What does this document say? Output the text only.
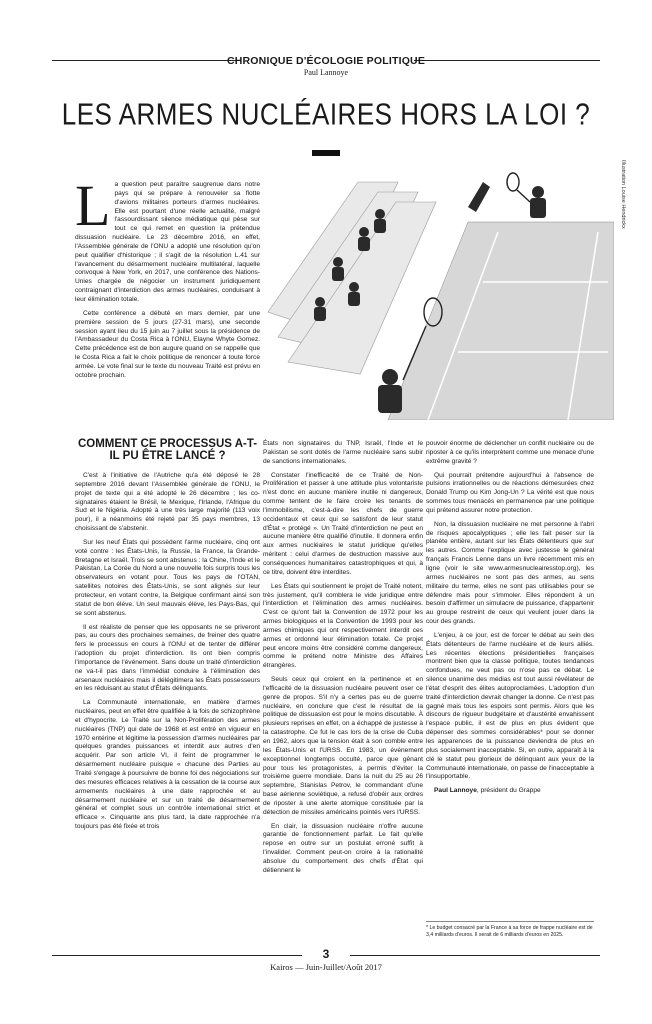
CHRONIQUE D'ÉCOLOGIE POLITIQUE
Paul Lannoye
LES ARMES NUCLÉAIRES HORS LA LOI ?
Illustration Louise Hendrickx

La question peut paraître saugrenue dans notre pays qui se prépare à renouveler sa flotte d'avions militaires porteurs d'armes nucléaires. Elle est pourtant d'une réelle actualité, malgré l'assourdissant silence médiatique qui pèse sur tout ce qui remet en question la prétendue dissuasion nucléaire. Le 23 décembre 2016, en effet, l'Assemblée générale de l'ONU a adopté une résolution qu'on peut qualifier d'historique ; il s'agit de la résolution L.41 sur l'avancement du désarmement nucléaire multilatéral, laquelle convoque à New York, en 2017, une conférence des Nations-Unies chargée de négocier un instrument juridiquement contraignant d'interdiction des armes nucléaires, conduisant à leur élimination totale.

Cette conférence a débuté en mars dernier, par une première session de 5 jours (27-31 mars), une seconde session ayant lieu du 15 juin au 7 juillet sous la présidence de l'Ambassadeur du Costa Rica à l'ONU, Elayne Whyte Gomez. Cette précédence est de bon augure quand on se rappelle que le Costa Rica a fait le choix politique de renoncer à toute force armée. Le vote final sur le texte du nouveau Traité est prévu en octobre prochain.

COMMENT CE PROCESSUS A-T-IL PU ÊTRE LANCÉ ?

C'est à l'initiative de l'Autriche qu'a été déposé le 28 septembre 2016 devant l'Assemblée générale de l'ONU, le projet de texte qui a été adopté le 26 décembre ; les co-signataires étaient le Brésil, le Mexique, l'Irlande, l'Afrique du Sud et le Nigéria. Adopté à une très large majorité (113 voix pour), il a néanmoins été rejeté par 35 pays membres, 13 choisissant de s'abstenir.

Sur les neuf États qui possèdent l'arme nucléaire, cinq ont voté contre : les États-Unis, la Russie, la France, la Grande-Bretagne et Israël. Trois se sont abstenus : la Chine, l'Inde et le Pakistan. La Corée du Nord a une nouvelle fois surpris tous les observateurs en votant pour. Tous les pays de l'OTAN, satellites notoires des États-Unis, se sont alignés sur leur protecteur, en votant contre, la Belgique confirmant ainsi son statut de bon élève. Un seul mauvais élève, les Pays-Bas, qui se sont abstenus.

Il est réaliste de penser que les opposants ne se priveront pas, au cours des prochaines semaines, de freiner des quatre fers le processus en cours à l'ONU et de tenter de différer l'adoption du projet d'interdiction. Ils ont bien compris l'importance de l'événement. Sans doute un traité d'interdiction ne va-t-il pas dans l'immédiat conduire à l'élimination des arsenaux nucléaires mais il délégitimera les États possesseurs en les réduisant au statut d'États délinquants.

La Communauté internationale, en matière d'armes nucléaires, peut en effet être qualifiée à la fois de schizophrène et d'hypocrite. Le Traité sur la Non-Prolifération des armes nucléaires (TNP) qui date de 1968 et est entré en vigueur en 1970 entérine et légitime la possession d'armes nucléaires par quelques grandes puissances et interdit aux autres d'en acquérir. Par son article VI, il feint de programmer le désarmement nucléaire puisque « chacune des Parties au Traité s'engage à poursuivre de bonne foi des négociations sur des mesures efficaces relatives à la cessation de la course aux armements nucléaires à une date rapprochée et au désarmement nucléaire et sur un traité de désarmement général et complet sous un contrôle international strict et efficace ». Cinquante ans plus tard, la date rapprochée n'a toujours pas été fixée et trois

États non signataires du TNP, Israël, l'Inde et le Pakistan se sont dotés de l'arme nucléaire sans subir de sanctions internationales.

Constater l'inefficacité de ce Traité de Non-Prolifération et passer à une attitude plus volontariste n'est donc en aucune manière inutile ni dangereux, comme tentent de le faire croire les tenants de l'immobilisme, c'est-à-dire les chefs de guerre occidentaux et ceux qui se satisfont de leur statut d'État « protégé ». Un Traité d'interdiction ne peut en aucune manière être qualifié d'inutile. Il donnera enfin aux armes nucléaires le statut juridique qu'elles méritent : celui d'armes de destruction massive aux conséquences humanitaires catastrophiques et qui, à ce titre, doivent être interdites.

Les États qui soutiennent le projet de Traité notent, très justement, qu'il comblera le vide juridique entre l'interdiction et l'élimination des armes nucléaires. C'est ce qu'ont fait la Convention de 1972 pour les armes biologiques et la Convention de 1993 pour les armes chimiques qui ont respectivement interdit ces armes et ordonné leur élimination totale. Ce projet peut encore moins être considéré comme dangereux, comme le prétend notre Ministre des Affaires étrangères.

Seuls ceux qui croient en la pertinence et en l'efficacité de la dissuasion nucléaire peuvent oser ce genre de propos. S'il n'y a certes pas eu de guerre nucléaire, en conclure que c'est le résultat de la politique de dissuasion est pour le moins discutable. À plusieurs reprises en effet, on a échappé de justesse à la catastrophe. Ce fut le cas lors de la crise de Cuba en 1962, alors que la tension était à son comble entre les États-Unis et l'URSS. En 1983, un événement exceptionnel longtemps occulté, parce que gênant pour tous les protagonistes, a permis d'éviter la troisième guerre mondiale. Dans la nuit du 25 au 26 septembre, Stanislas Petrov, le commandant d'une base aérienne soviétique, a refusé d'obéir aux ordres de riposter à une alerte atomique constituée par la détection de missiles américains pointés vers l'URSS.

En clair, la dissuasion nucléaire n'offre aucune garantie de fonctionnement parfait. Le fait qu'elle repose en outre sur un postulat erroné suffit à l'invalider. Comment peut-on croire à la rationalité absolue du comportement des chefs d'État qui détiennent le

pouvoir énorme de déclencher un conflit nucléaire ou de riposter à ce qu'ils interprètent comme une menace d'une extrême gravité ?

Qui pourrait prétendre aujourd'hui à l'absence de pulsions irrationnelles ou de réactions démesurées chez Donald Trump ou Kim Jong-Un ? La vérité est que nous sommes tous menacés en permanence par une politique qui prétend assurer notre protection.

Non, la dissuasion nucléaire ne met personne à l'abri de risques apocalyptiques ; elle les fait peser sur la planète entière, autant sur les États détenteurs que sur les autres. Comme l'explique avec justesse le général français Francis Lenne dans un livre récemment mis en ligne (voir le site www.armesnucleairesstop.org), les armes nucléaires ne sont pas des armes, au sens militaire du terme, elles ne sont pas utilisables pour se défendre mais pour s'immoler. Elles répondent à un besoin d'affirmer un simulacre de puissance, d'appartenir au groupe restreint de ceux qui veulent jouer dans la cour des grands.

L'enjeu, à ce jour, est de forcer le débat au sein des États détenteurs de l'arme nucléaire et de leurs alliés. Les récentes élections présidentielles françaises montrent bien que la classe politique, toutes tendances confondues, ne veut pas ou n'ose pas ce débat. Le silence unanime des médias est tout aussi révélateur de l'état d'esprit des élites autoproclamées. L'adoption d'un traité d'interdiction devrait changer la donne. Ce n'est pas gagné mais tous les espoirs sont permis. Alors que les discours de rigueur budgétaire et d'austérité envahissent l'espace public, il est de plus en plus évident que dépenser des sommes considérables* pour se donner les apparences de la puissance deviendra de plus en plus socialement inacceptable. Si, en outre, apparaît à la clé le statut peu glorieux de délinquant aux yeux de la Communauté internationale, on passe de l'inacceptable à l'insupportable.

Paul Lannoye, président du Grappe

* Le budget consacré par la France à sa force de frappe nucléaire est de 3,4 milliards d'euros. Il serait de 6 milliards d'euros en 2025.
3
Kairos — Juin-Juillet/Août 2017
